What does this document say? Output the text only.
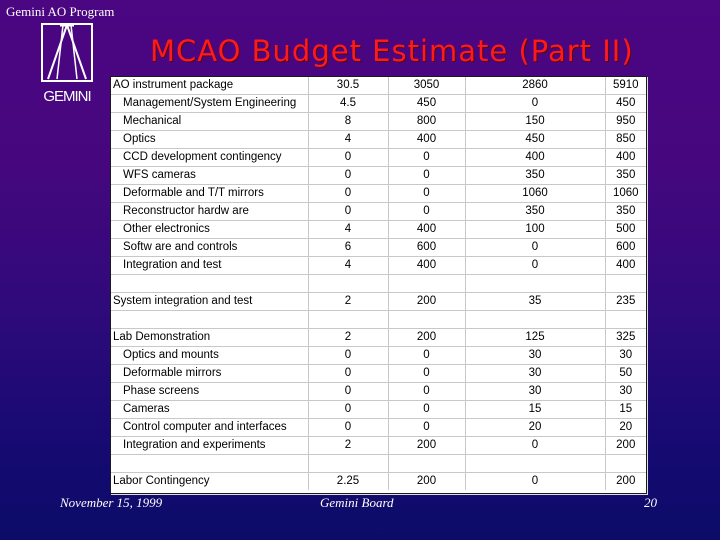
Gemini AO Program
GEMINI
MCAO Budget Estimate (Part II)
AO instrument package	30.5	3050	2860	5910
Management/System Engineering	4.5	450	0	450
Mechanical	8	800	150	950
Optics	4	400	450	850
CCD development contingency	0	0	400	400
WFS cameras	0	0	350	350
Deformable and T/T mirrors	0	0	1060	1060
Reconstructor hardw are	0	0	350	350
Other electronics	4	400	100	500
Softw are and controls	6	600	0	600
Integration and test	4	400	0	400

System integration and test	2	200	35	235

Lab Demonstration	2	200	125	325
Optics and mounts	0	0	30	30
Deformable mirrors	0	0	30	50
Phase screens	0	0	30	30
Cameras	0	0	15	15
Control computer and interfaces	0	0	20	20
Integration and experiments	2	200	0	200

Labor Contingency	2.25	200	0	200
November 15, 1999	Gemini Board	20
